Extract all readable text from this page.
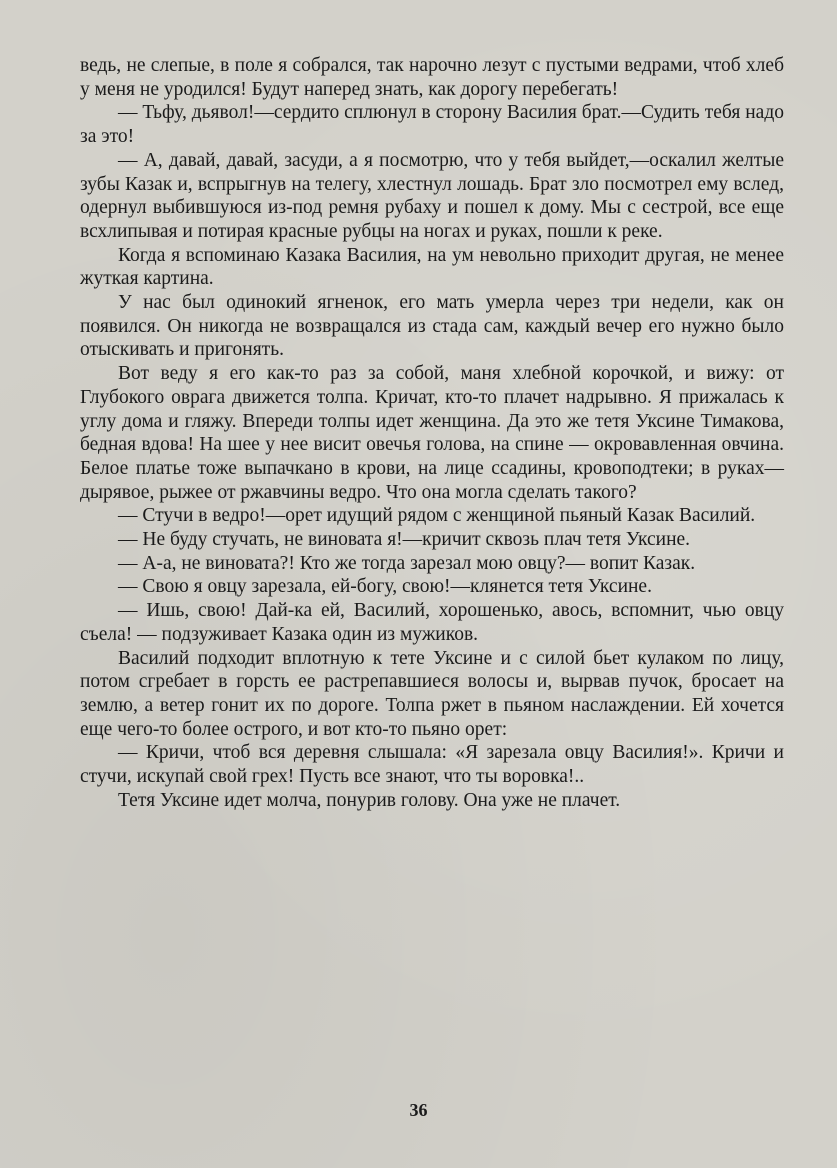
ведь, не слепые, в поле я собрался, так нарочно лезут с пустыми ведрами, чтоб хлеб у меня не уродился! Будут наперед знать, как дорогу перебегать!

— Тьфу, дьявол!—сердито сплюнул в сторону Василия брат.—Судить тебя надо за это!

— А, давай, давай, засуди, а я посмотрю, что у тебя выйдет,—оскалил желтые зубы Казак и, вспрыгнув на телегу, хлестнул лошадь. Брат зло посмотрел ему вслед, одернул выбившуюся из-под ремня рубаху и пошел к дому. Мы с сестрой, все еще всхлипывая и потирая красные рубцы на ногах и руках, пошли к реке.

Когда я вспоминаю Казака Василия, на ум невольно приходит другая, не менее жуткая картина.

У нас был одинокий ягненок, его мать умерла через три недели, как он появился. Он никогда не возвращался из стада сам, каждый вечер его нужно было отыскивать и пригонять.

Вот веду я его как-то раз за собой, маня хлебной корочкой, и вижу: от Глубокого оврага движется толпа. Кричат, кто-то плачет надрывно. Я прижалась к углу дома и гляжу. Впереди толпы идет женщина. Да это же тетя Уксине Тимакова, бедная вдова! На шее у нее висит овечья голова, на спине — окровавленная овчина. Белое платье тоже выпачкано в крови, на лице ссадины, кровоподтеки; в руках—дырявое, рыжее от ржавчины ведро. Что она могла сделать такого?

— Стучи в ведро!—орет идущий рядом с женщиной пьяный Казак Василий.

— Не буду стучать, не виновата я!—кричит сквозь плач тетя Уксине.

— А-а, не виновата?! Кто же тогда зарезал мою овцу?— вопит Казак.

— Свою я овцу зарезала, ей-богу, свою!—клянется тетя Уксине.

— Ишь, свою! Дай-ка ей, Василий, хорошенько, авось, вспомнит, чью овцу съела! — подзуживает Казака один из мужиков.

Василий подходит вплотную к тете Уксине и с силой бьет кулаком по лицу, потом сгребает в горсть ее растрепавшиеся волосы и, вырвав пучок, бросает на землю, а ветер гонит их по дороге. Толпа ржет в пьяном наслаждении. Ей хочется еще чего-то более острого, и вот кто-то пьяно орет:

— Кричи, чтоб вся деревня слышала: «Я зарезала овцу Василия!». Кричи и стучи, искупай свой грех! Пусть все знают, что ты воровка!..

Тетя Уксине идет молча, понурив голову. Она уже не плачет.

36
